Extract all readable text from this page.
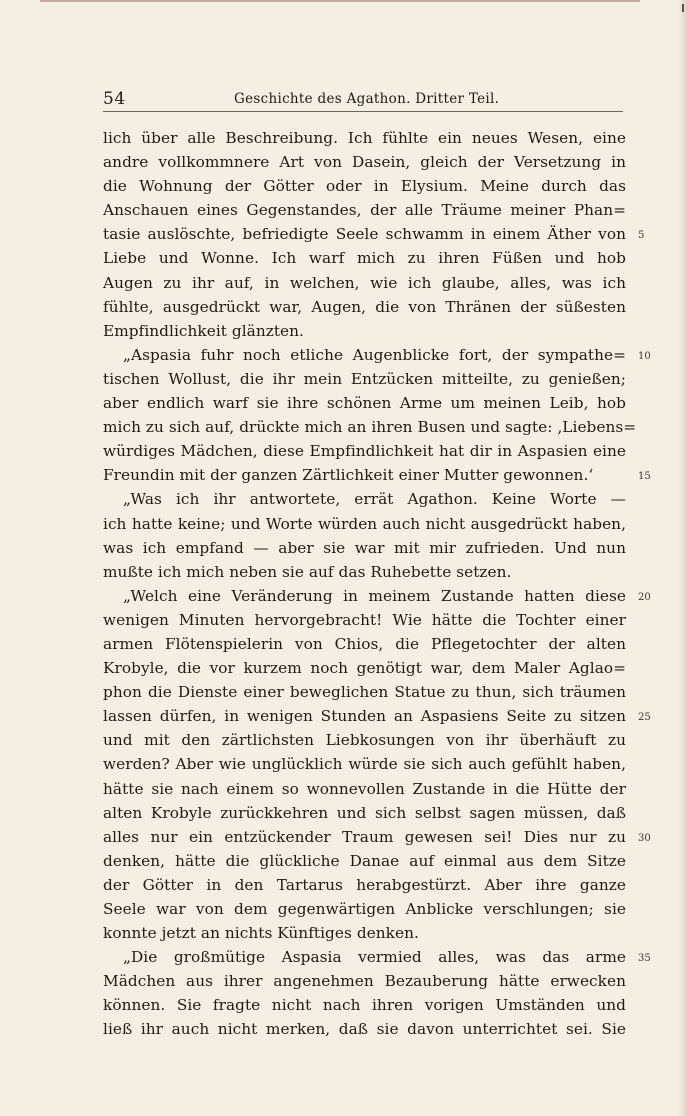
54	Geschichte des Agathon. Dritter Teil.
lich über alle Beschreibung. Ich fühlte ein neues Wesen, eine
andre vollkommnere Art von Dasein, gleich der Versetzung in
die Wohnung der Götter oder in Elysium. Meine durch das
Anschauen eines Gegenstandes, der alle Träume meiner Phan=
tasie auslöschte, befriedigte Seele schwamm in einem Äther von
Liebe und Wonne. Ich warf mich zu ihren Füßen und hob
Augen zu ihr auf, in welchen, wie ich glaube, alles, was ich
fühlte, ausgedrückt war, Augen, die von Thränen der süßesten
Empfindlichkeit glänzten.
„Aspasia fuhr noch etliche Augenblicke fort, der sympathe=
tischen Wollust, die ihr mein Entzücken mitteilte, zu genießen;
aber endlich warf sie ihre schönen Arme um meinen Leib, hob
mich zu sich auf, drückte mich an ihren Busen und sagte: ‚Liebens=
würdiges Mädchen, diese Empfindlichkeit hat dir in Aspasien eine
Freundin mit der ganzen Zärtlichkeit einer Mutter gewonnen.‘
„Was ich ihr antwortete, errät Agathon. Keine Worte —
ich hatte keine; und Worte würden auch nicht ausgedrückt haben,
was ich empfand — aber sie war mit mir zufrieden. Und nun
mußte ich mich neben sie auf das Ruhebette setzen.
„Welch eine Veränderung in meinem Zustande hatten diese
wenigen Minuten hervorgebracht! Wie hätte die Tochter einer
armen Flötenspielerin von Chios, die Pflegetochter der alten
Krobyle, die vor kurzem noch genötigt war, dem Maler Aglao=
phon die Dienste einer beweglichen Statue zu thun, sich träumen
lassen dürfen, in wenigen Stunden an Aspasiens Seite zu sitzen
und mit den zärtlichsten Liebkosungen von ihr überhäuft zu
werden? Aber wie unglücklich würde sie sich auch gefühlt haben,
hätte sie nach einem so wonnevollen Zustande in die Hütte der
alten Krobyle zurückkehren und sich selbst sagen müssen, daß
alles nur ein entzückender Traum gewesen sei! Dies nur zu
denken, hätte die glückliche Danae auf einmal aus dem Sitze
der Götter in den Tartarus herabgestürzt. Aber ihre ganze
Seele war von dem gegenwärtigen Anblicke verschlungen; sie
konnte jetzt an nichts Künftiges denken.
„Die großmütige Aspasia vermied alles, was das arme
Mädchen aus ihrer angenehmen Bezauberung hätte erwecken
können. Sie fragte nicht nach ihren vorigen Umständen und
ließ ihr auch nicht merken, daß sie davon unterrichtet sei. Sie
5
10
15
20
25
30
35
